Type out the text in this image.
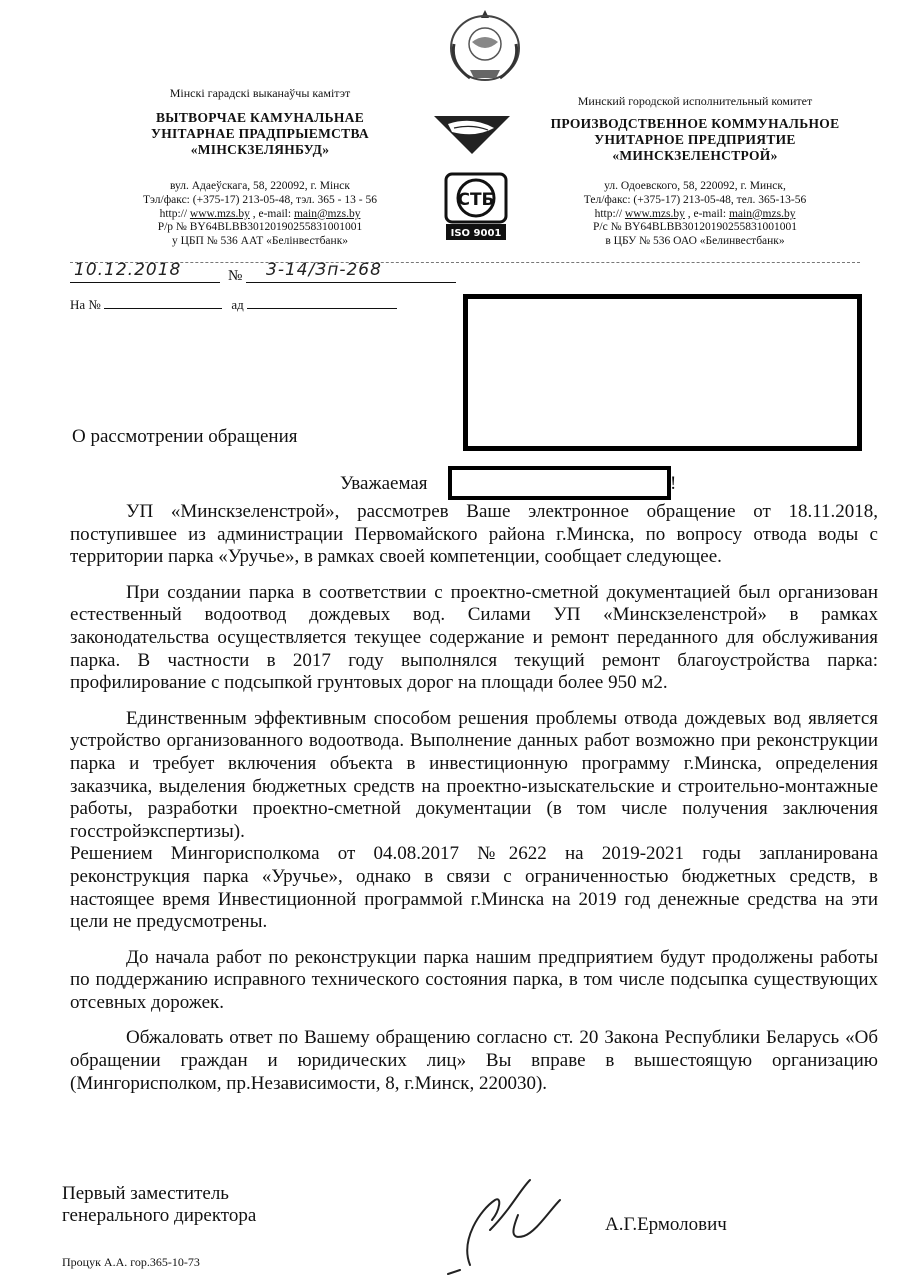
Мінскі гарадскі выканаўчы камітэт
ВЫТВОРЧАЕ КАМУНАЛЬНАЕ
УНІТАРНАЕ ПРАДПРЫЕМСТВА
«МІНСКЗЕЛЯНБУД»
вул. Адаеўскага, 58, 220092, г. Мінск
Тэл/факс: (+375-17) 213-05-48, тэл. 365 - 13 - 56
http:// www.mzs.by , e-mail: main@mzs.by
Р/р № BY64BLBB30120190255831001001
у ЦБП № 536 ААТ «Белінвестбанк»
СТБ
ISO 9001
Минский городской исполнительный комитет
ПРОИЗВОДСТВЕННОЕ КОММУНАЛЬНОЕ
УНИТАРНОЕ ПРЕДПРИЯТИЕ
«МИНСКЗЕЛЕНСТРОЙ»
ул. Одоевского, 58, 220092, г. Минск,
Тел/факс: (+375-17) 213-05-48, тел. 365-13-56
http:// www.mzs.by , e-mail: main@mzs.by
Р/с № BY64BLBB30120190255831001001
в ЦБУ № 536 ОАО «Белинвестбанк»
10.12.2018	№ 3-14/Зп-268
На №	ад
О рассмотрении обращения
Уважаемая	!

УП «Минскзеленстрой», рассмотрев Ваше электронное обращение от 18.11.2018, поступившее из администрации Первомайского района г.Минска, по вопросу отвода воды с территории парка «Уручье», в рамках своей компетенции, сообщает следующее.

При создании парка в соответствии с проектно-сметной документацией был организован естественный водоотвод дождевых вод. Силами УП «Минскзеленстрой» в рамках законодательства осуществляется текущее содержание и ремонт переданного для обслуживания парка. В частности в 2017 году выполнялся текущий ремонт благоустройства парка: профилирование с подсыпкой грунтовых дорог на площади более 950 м2.

Единственным эффективным способом решения проблемы отвода дождевых вод является устройство организованного водоотвода. Выполнение данных работ возможно при реконструкции парка и требует включения объекта в инвестиционную программу г.Минска, определения заказчика, выделения бюджетных средств на проектно-изыскательские и строительно-монтажные работы, разработки проектно-сметной документации (в том числе получения заключения госстройэкспертизы).

Решением Мингорисполкома от 04.08.2017 №2622 на 2019-2021 годы запланирована реконструкция парка «Уручье», однако в связи с ограниченностью бюджетных средств, в настоящее время Инвестиционной программой г.Минска на 2019 год денежные средства на эти цели не предусмотрены.

До начала работ по реконструкции парка нашим предприятием будут продолжены работы по поддержанию исправного технического состояния парка, в том числе подсыпка существующих отсевных дорожек.

Обжаловать ответ по Вашему обращению согласно ст. 20 Закона Республики Беларусь «Об обращении граждан и юридических лиц» Вы вправе в вышестоящую организацию (Мингорисполком, пр.Независимости, 8, г.Минск, 220030).

Первый заместитель
генерального директора	А.Г.Ермолович
Процук А.А. гор.365-10-73
